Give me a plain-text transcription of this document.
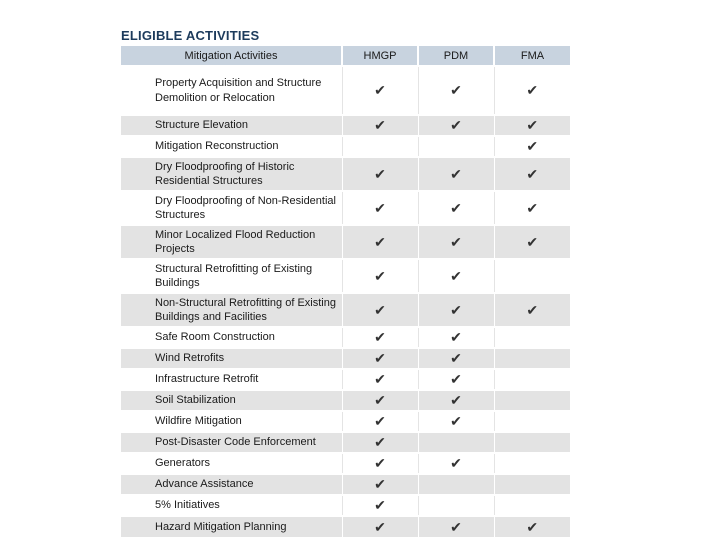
ELIGIBLE ACTIVITIES
Mitigation Activities	HMGP	PDM	FMA
Property Acquisition and Structure Demolition or Relocation	✔	✔	✔
Structure Elevation	✔	✔	✔
Mitigation Reconstruction			✔
Dry Floodproofing of Historic Residential Structures	✔	✔	✔
Dry Floodproofing of Non-Residential Structures	✔	✔	✔
Minor Localized Flood Reduction Projects	✔	✔	✔
Structural Retrofitting of Existing Buildings	✔	✔	
Non-Structural Retrofitting of Existing Buildings and Facilities	✔	✔	✔
Safe Room Construction	✔	✔	
Wind Retrofits	✔	✔	
Infrastructure Retrofit	✔	✔	
Soil Stabilization	✔	✔	
Wildfire Mitigation	✔	✔	
Post-Disaster Code Enforcement	✔		
Generators	✔	✔	
Advance Assistance	✔		
5% Initiatives	✔		
Hazard Mitigation Planning	✔	✔	✔
